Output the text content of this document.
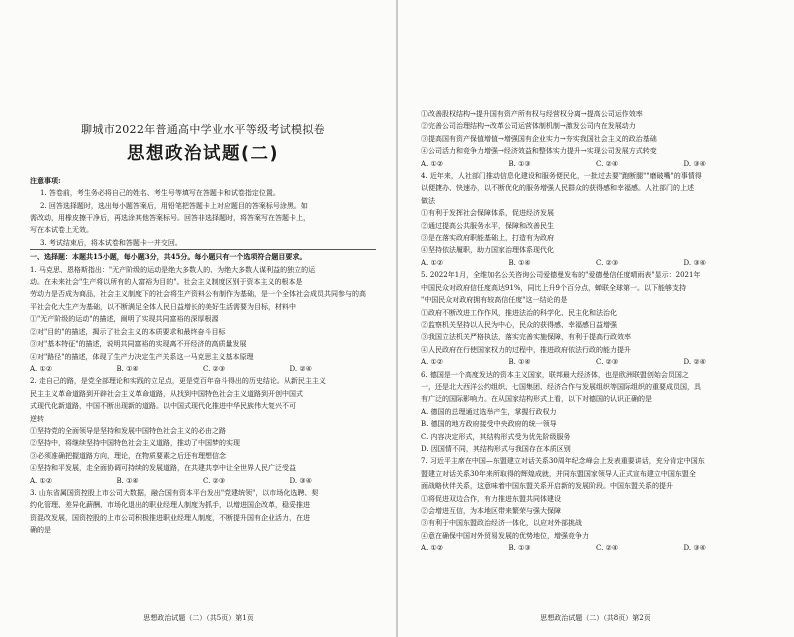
聊城市2022年普通高中学业水平等级考试模拟卷
思想政治试题(二)
注意事项:
1. 答卷前，考生务必将自己的姓名、考生号等填写在答题卡和试卷指定位置。
2. 回答选择题时，选出每小题答案后，用铅笔把答题卡上对应题目的答案标号涂黑。如
需改动，用橡皮擦干净后，再选涂其他答案标号。回答非选择题时，将答案写在答题卡上，
写在本试卷上无效。
3. 考试结束后，将本试卷和答题卡一并交回。
一、选择题：本题共15小题，每小题3分，共45分。每小题只有一个选项符合题目要求。
1. 马克思、恩格斯指出："无产阶级的运动是绝大多数人的、为绝大多数人谋利益的独立的运
动。在未来社会"生产将以所有的人富裕为目的"。社会主义制度区别于资本主义的根本是
劳动力是否成为商品，社会主义制度下的社会将生产资料公有制作为基础，是一个全体社会成员共同参与的高
平社会化大生产为基础，以不断满足全体人民日益增长的美好生活需要为目标，材料中
①"无产阶级的运动"的描述，阐明了实现共同富裕的深厚根源
②对"目的"的描述，揭示了社会主义的本质要求和最终奋斗目标
③对"基本特征"的描述，说明共同富裕的实现离不开经济的高质量发展
④对"路径"的描述，体现了生产力决定生产关系这一马克思主义基本原理
A. ①②	B. ①④	C. ②③	D. ②④
2. 走自己的路，是党全部理论和实践的立足点，更是党百年奋斗得出的历史结论。从新民主主义
民主主义革命道路到开辟社会主义革命道路，从找到中国特色社会主义道路到开创中国式
式现代化新道路，中国不断出现新的道路。以中国式现代化推进中华民族伟大复兴不可
逆转
①坚持党的全面领导是坚持和发展中国特色社会主义的必由之路
②坚持中，将继续坚持中国特色社会主义道路，推动了中国梦的实现
③必须准确把握道路方向，理论，在物质要素之后还有理想信念
④坚持和平发展，走全面协调可持续的发展道路，在共建共享中让全世界人民广泛受益
A. ①②	B. ①④	C. ②③	D. ③④
3. 山东省属国资控股上市公司大数据，融合国有资本平台发出"党建统领"，以市场化选聘、契
约化管理、差异化薪酬、市场化退出的职业经理人制度为抓手，以增进国企改革，稳妥推进
资混改发展，国资控股的上市公司积极推进职业经理人制度，不断提升国有企业活力，在进
确的是
思想政治试题（二）（共5页）第1页
①改善股权结构→提升国有资产所有权与经营权分离→提高公司运作效率
②完善公司治理结构→改革公司运营体制机制→激发公司内在发展动力
③提高国有资产保值增值→增强国有企业实力→夯实我国社会主义的政治基础
④公司活力和竞争力增强→经济效益和整体实力提升→实现公司发展方式转变
A. ①②	B. ①③	C. ②④	D. ③④
4. 近年来，人社部门推动信息化建设和服务便民化，一批过去要"跑断腿""磨破嘴"的事情得
以便捷办、快速办，以不断优化的服务增强人民群众的获得感和幸福感。人社部门的上述
做法
①有利于发挥社会保障体系，促进经济发展
②通过提高公共服务水平，保障和改善民生
③是在落实政府职能基础上，打造有为政府
④坚持依法履职，助力国家治理体系现代化
A. ①②	B. ①④	C. ②③	D. ③④
5. 2022年1月，全维加名公关咨询公司爱德曼发布的"爱德曼信任度晴雨表"显示：2021年
中国民众对政府信任度高达91%，同比上升9个百分点，蝉联全球第一。以下能够支持
"中国民众对政府拥有较高信任度"这一结论的是
①政府不断改进工作作风，推进法治的科学化、民主化和法治化
②监察机关坚持以人民为中心，民众的获得感、幸福感日益增强
③我国立法机关严格执法，落实完善实施保障，有利于提高行政效率
④人民政府在行使国家权力的过程中，推进政府依法行政的能力提升
A. ①②	B. ①④	C. ②③	D. ②④
6. 德国是一个高度发达的资本主义国家，联邦最大经济体，也是欧洲联盟创始会员国之
一，还是北大西洋公约组织、七国集团、经济合作与发展组织等国际组织的重要成员国，具
有广泛的国际影响力。在从国家结构形式上看，以下对德国的认识正确的是
A. 德国的总理通过选举产生，掌握行政权力
B. 德国的地方政府接受中央政府的统一领导
C. 内容决定形式，其结构形式受为优先阶级服务
D. 因国情不同，其结构形式与我国存在本质区别
7. 习近平主席在中国—东盟建立对话关系30周年纪念峰会上发表重要讲话，充分肯定中国东
盟建立对话关系30年来所取得的辉煌成就，并同东盟国家领导人正式宣布建立中国东盟全
面战略伙伴关系，这意味着中国东盟关系开启新的发展阶段。中国东盟关系的提升
①将促进双边合作，有力推进东盟共同体建设
②会增进互信，为本地区带来繁荣与强大保障
③有利于中国东盟政治经济一体化，以应对外部挑战
④意在确保中国对外贸易发展的优势地位，增强竞争力
A. ①②	B. ①③	C. ②④	D. ③④
思想政治试题（二）（共8页）第2页
